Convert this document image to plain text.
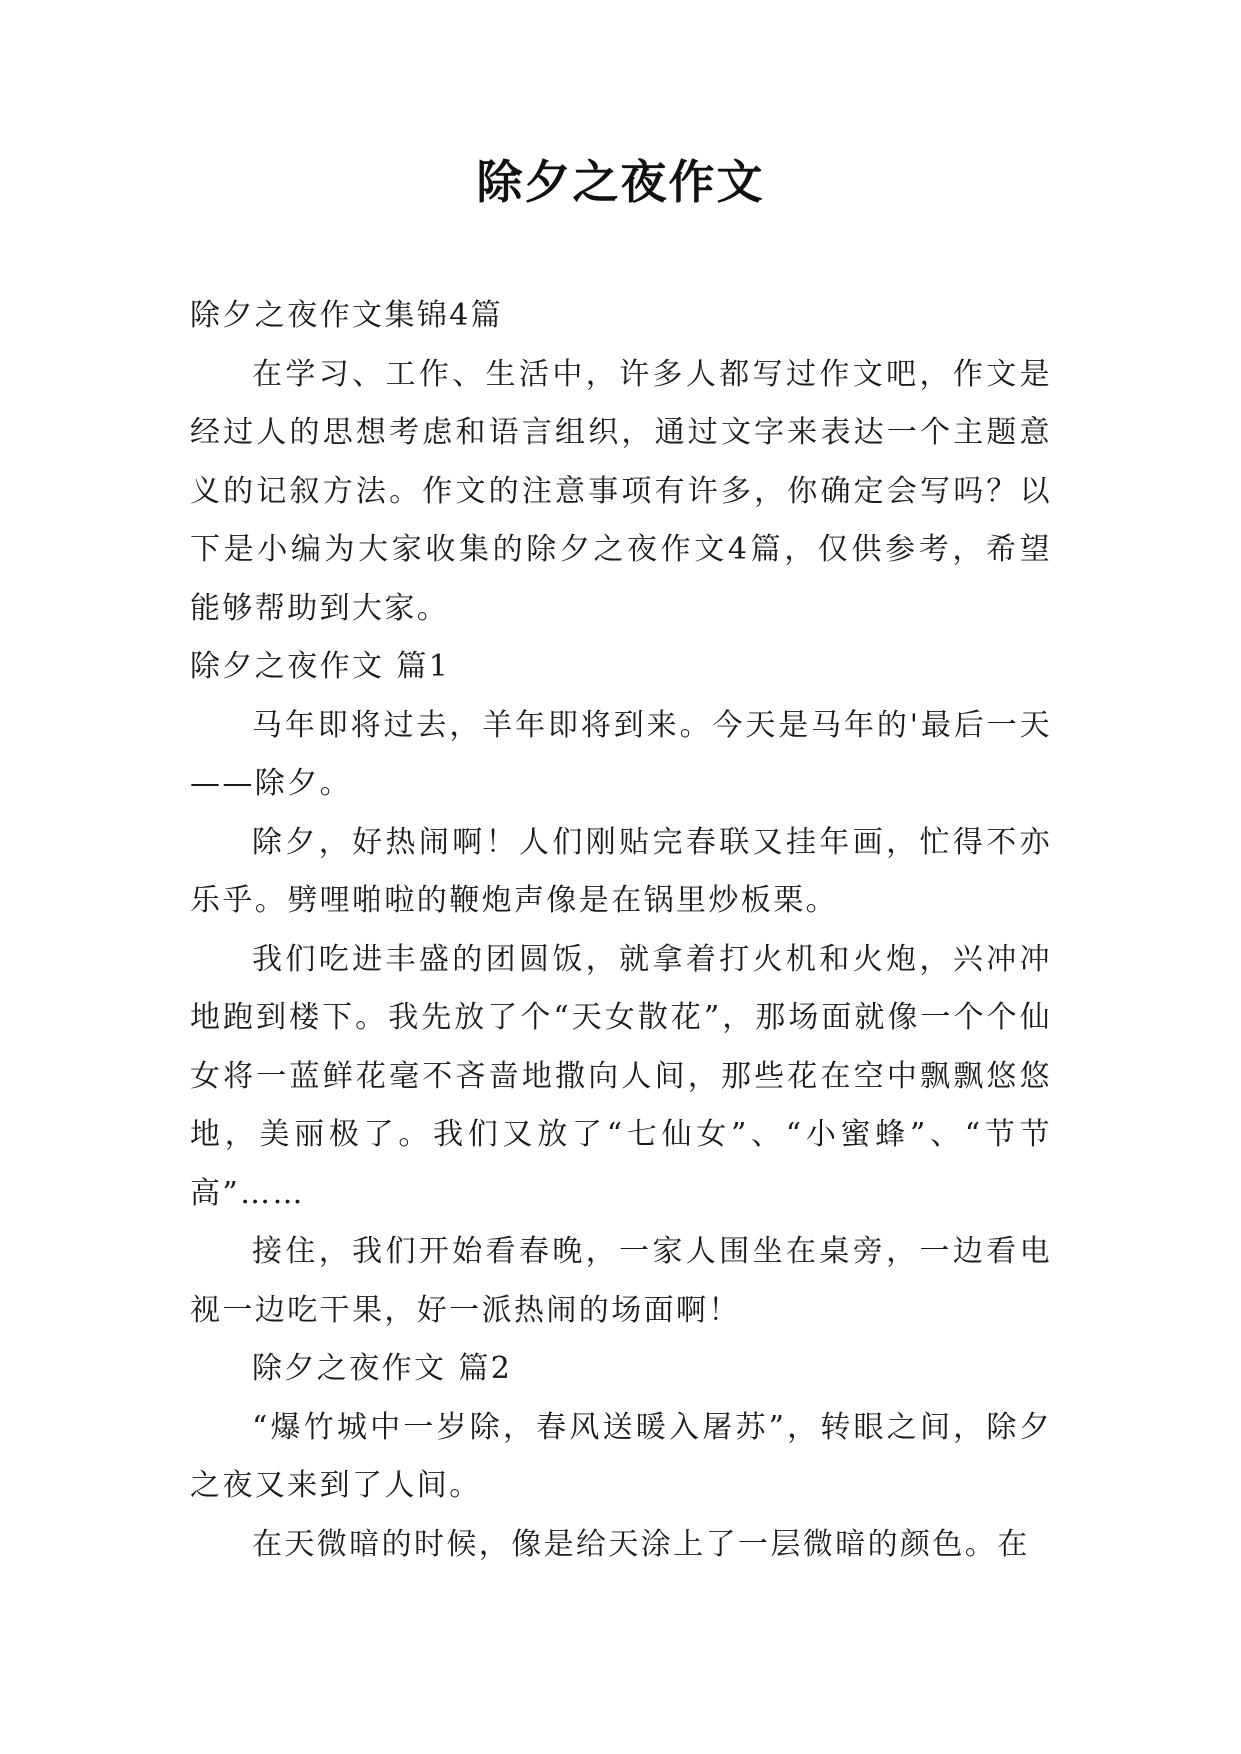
除夕之夜作文

除夕之夜作文集锦4篇

在学习、工作、生活中，许多人都写过作文吧，作文是经过人的思想考虑和语言组织，通过文字来表达一个主题意义的记叙方法。作文的注意事项有许多，你确定会写吗？以下是小编为大家收集的除夕之夜作文4篇，仅供参考，希望能够帮助到大家。

除夕之夜作文 篇1

马年即将过去，羊年即将到来。今天是马年的'最后一天——除夕。

除夕，好热闹啊！人们刚贴完春联又挂年画，忙得不亦乐乎。劈哩啪啦的鞭炮声像是在锅里炒板栗。

我们吃进丰盛的团圆饭，就拿着打火机和火炮，兴冲冲地跑到楼下。我先放了个“天女散花”，那场面就像一个个仙女将一蓝鲜花毫不吝啬地撒向人间，那些花在空中飘飘悠悠地，美丽极了。我们又放了“七仙女”、“小蜜蜂”、“节节高”……

接住，我们开始看春晚，一家人围坐在桌旁，一边看电视一边吃干果，好一派热闹的场面啊！

除夕之夜作文 篇2

“爆竹城中一岁除，春风送暖入屠苏”，转眼之间，除夕之夜又来到了人间。

在天微暗的时候，像是给天涂上了一层微暗的颜色。在
